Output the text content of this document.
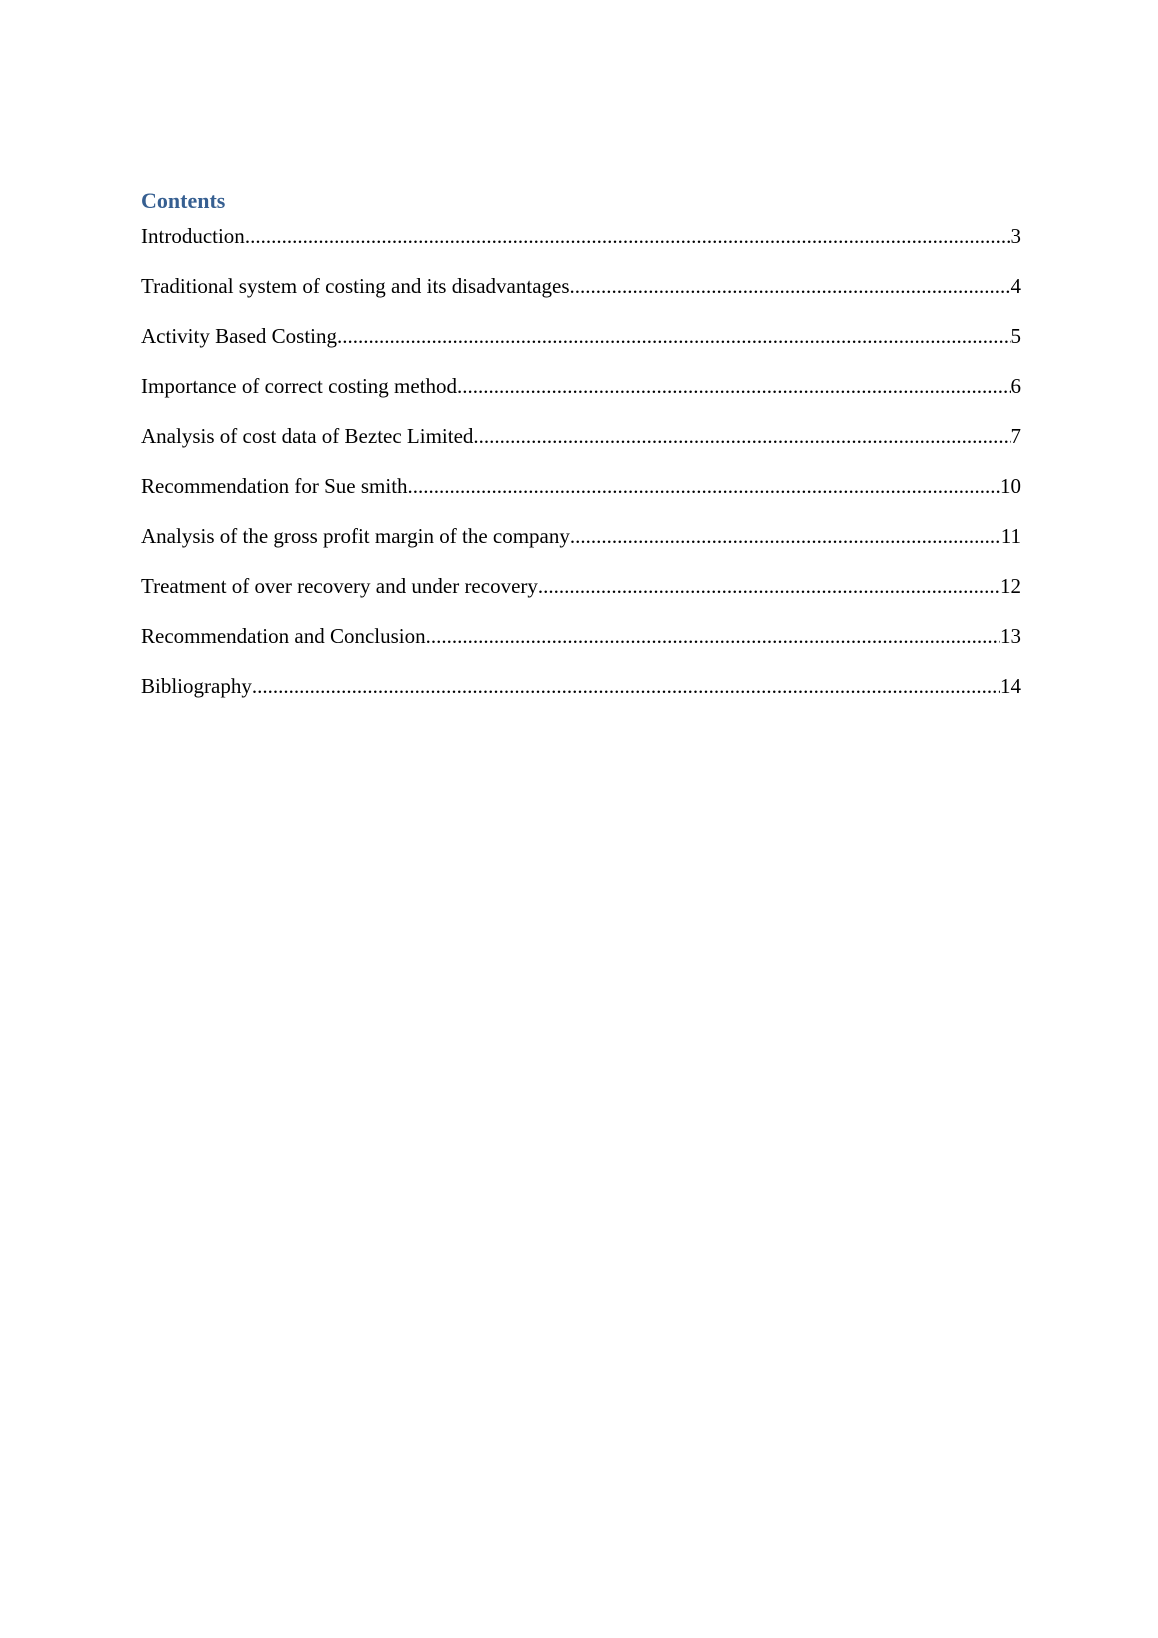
Contents
Introduction .....	3
Traditional system of costing and its disadvantages .....	4
Activity Based Costing .....	5
Importance of correct costing method .....	6
Analysis of cost data of Beztec Limited .....	7
Recommendation for Sue smith .....	10
Analysis of the gross profit margin of the company .....	11
Treatment of over recovery and under recovery .....	12
Recommendation and Conclusion .....	13
Bibliography .....	14
